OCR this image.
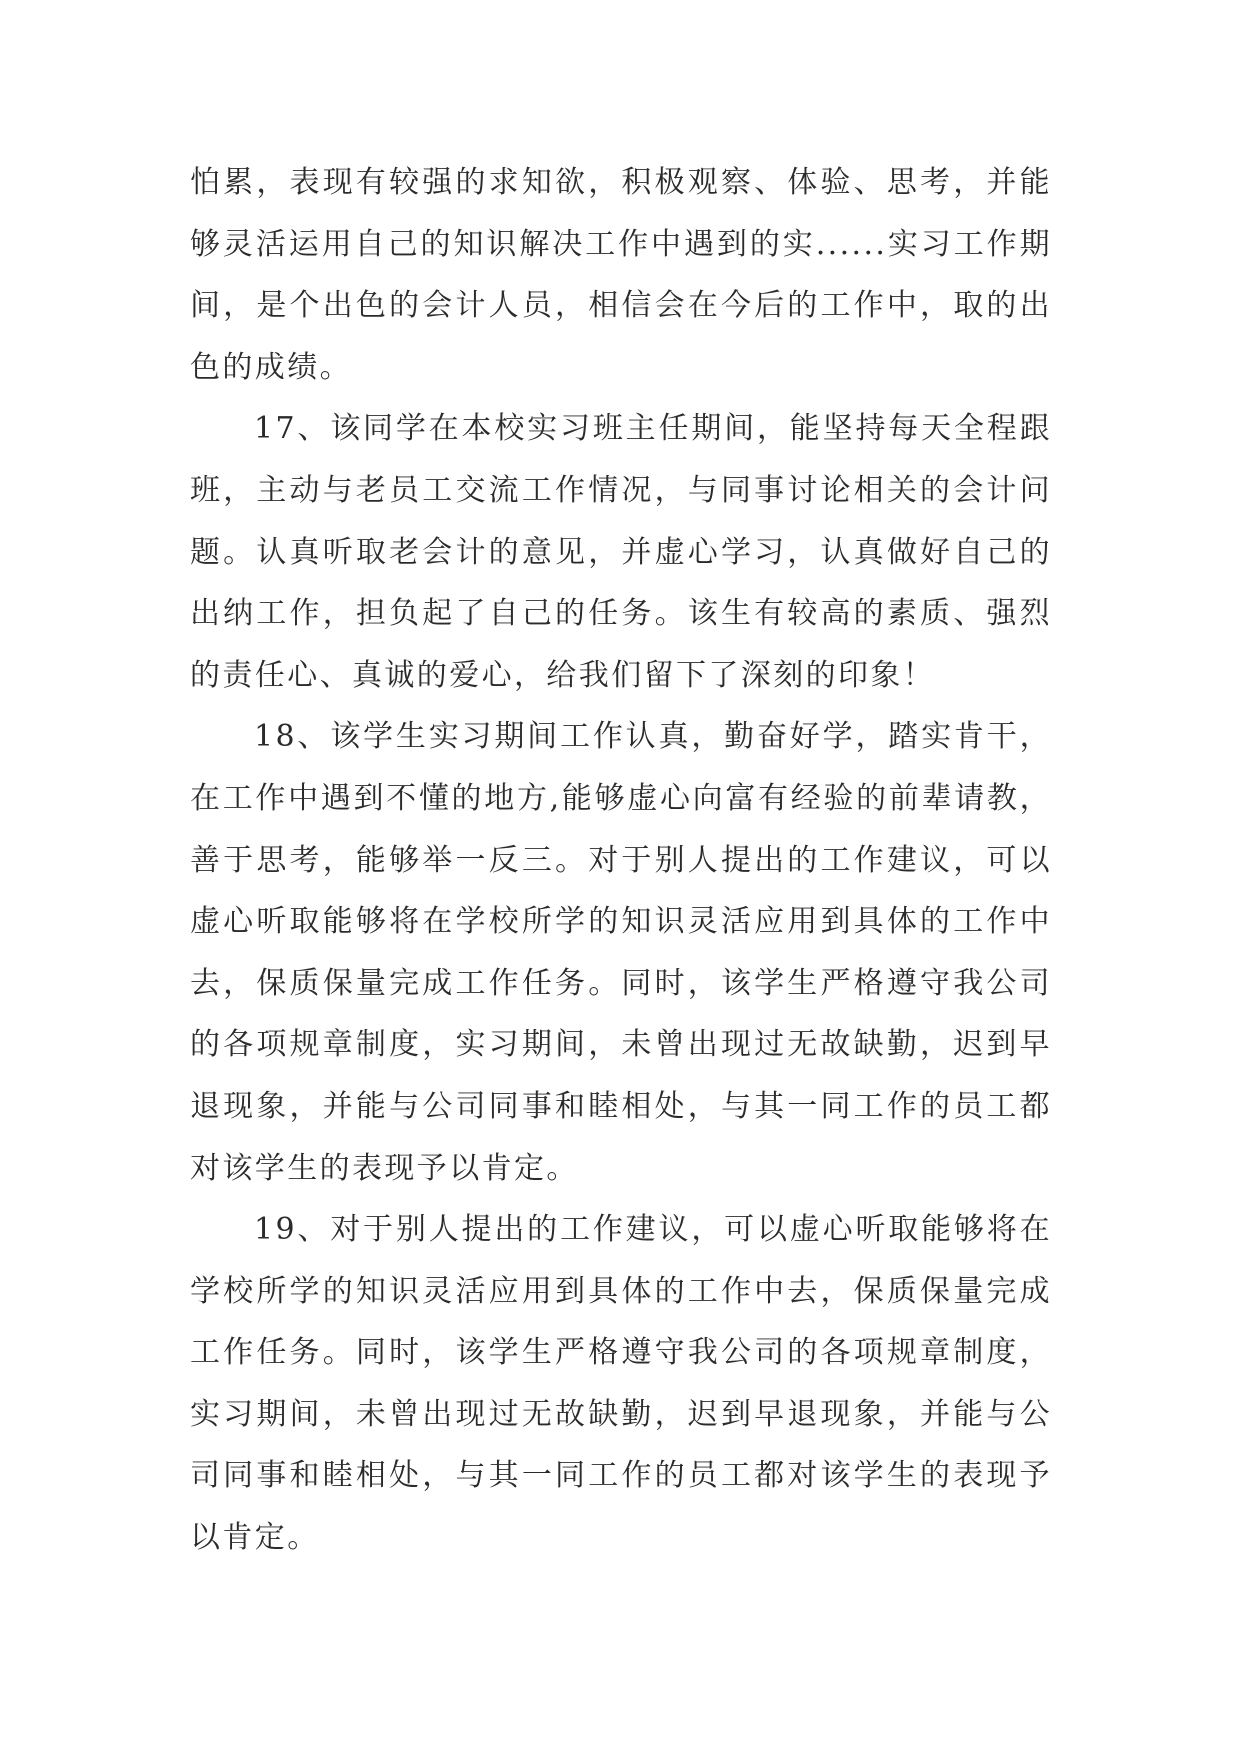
怕累，表现有较强的求知欲，积极观察、体验、思考，并能够灵活运用自己的知识解决工作中遇到的实......实习工作期间，是个出色的会计人员，相信会在今后的工作中，取的出色的成绩。

17、该同学在本校实习班主任期间，能坚持每天全程跟班，主动与老员工交流工作情况，与同事讨论相关的会计问题。认真听取老会计的意见，并虚心学习，认真做好自己的出纳工作，担负起了自己的任务。该生有较高的素质、强烈的责任心、真诚的爱心，给我们留下了深刻的印象！

18、该学生实习期间工作认真，勤奋好学，踏实肯干，在工作中遇到不懂的地方,能够虚心向富有经验的前辈请教，善于思考，能够举一反三。对于别人提出的工作建议，可以虚心听取能够将在学校所学的知识灵活应用到具体的工作中去，保质保量完成工作任务。同时，该学生严格遵守我公司的各项规章制度，实习期间，未曾出现过无故缺勤，迟到早退现象，并能与公司同事和睦相处，与其一同工作的员工都对该学生的表现予以肯定。

19、对于别人提出的工作建议，可以虚心听取能够将在学校所学的知识灵活应用到具体的工作中去，保质保量完成工作任务。同时，该学生严格遵守我公司的各项规章制度，实习期间，未曾出现过无故缺勤，迟到早退现象，并能与公司同事和睦相处，与其一同工作的员工都对该学生的表现予以肯定。
